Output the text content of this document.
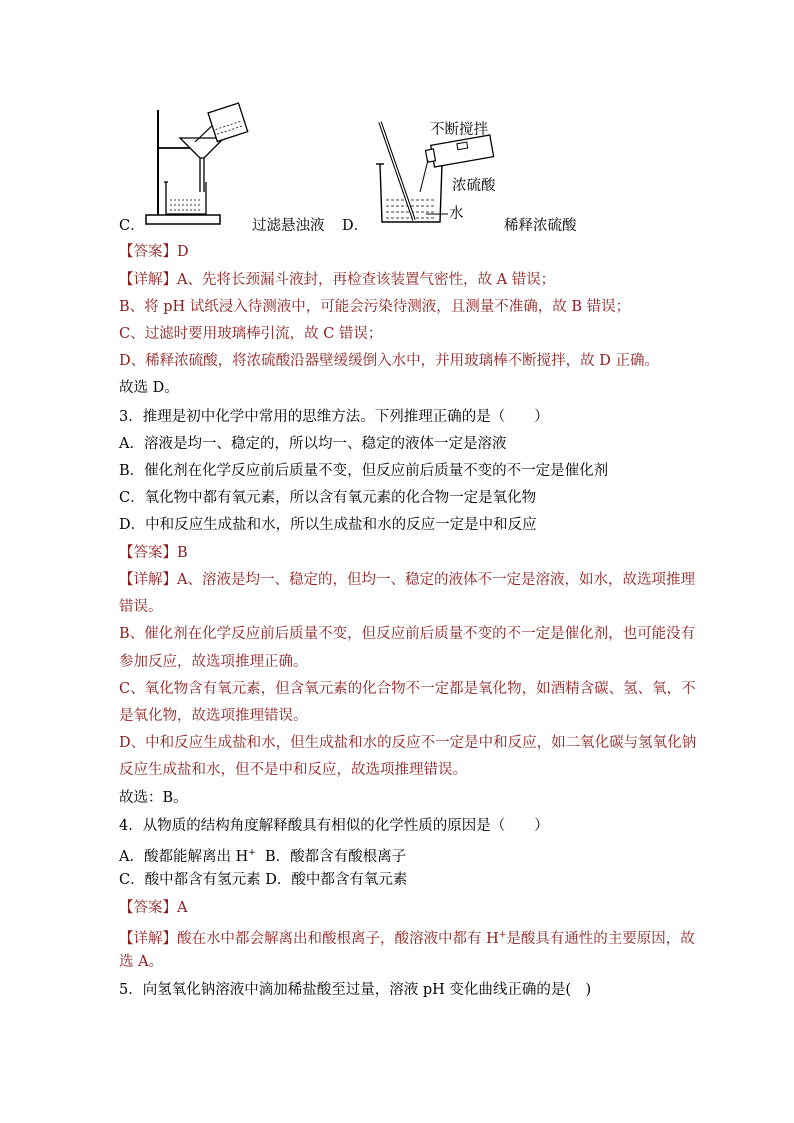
不断搅拌
浓硫酸
水
C．	过滤悬浊液 D．	稀释浓硫酸
【答案】D
【详解】A、先将长颈漏斗液封，再检查该装置气密性，故 A 错误；
B、将 pH 试纸浸入待测液中，可能会污染待测液，且测量不准确，故 B 错误；
C、过滤时要用玻璃棒引流，故 C 错误；
D、稀释浓硫酸，将浓硫酸沿器壁缓缓倒入水中，并用玻璃棒不断搅拌，故 D 正确。
故选 D。
3．推理是初中化学中常用的思维方法。下列推理正确的是（　　）
A．溶液是均一、稳定的，所以均一、稳定的液体一定是溶液
B．催化剂在化学反应前后质量不变，但反应前后质量不变的不一定是催化剂
C．氧化物中都有氧元素，所以含有氧元素的化合物一定是氧化物
D．中和反应生成盐和水，所以生成盐和水的反应一定是中和反应
【答案】B
【详解】A、溶液是均一、稳定的，但均一、稳定的液体不一定是溶液，如水，故选项推理
错误。
B、催化剂在化学反应前后质量不变，但反应前后质量不变的不一定是催化剂，也可能没有
参加反应，故选项推理正确。
C、氧化物含有氧元素，但含氧元素的化合物不一定都是氧化物，如酒精含碳、氢、氧，不
是氧化物，故选项推理错误。
D、中和反应生成盐和水，但生成盐和水的反应不一定是中和反应，如二氧化碳与氢氧化钠
反应生成盐和水，但不是中和反应，故选项推理错误。
故选：B。
4．从物质的结构角度解释酸具有相似的化学性质的原因是（　　）
A．酸都能解离出 H+ B．酸都含有酸根离子
C．酸中都含有氢元素 D．酸中都含有氧元素
【答案】A
【详解】酸在水中都会解离出和酸根离子，酸溶液中都有 H+是酸具有通性的主要原因，故
选 A。
5．向氢氧化钠溶液中滴加稀盐酸至过量，溶液 pH 变化曲线正确的是(　)
